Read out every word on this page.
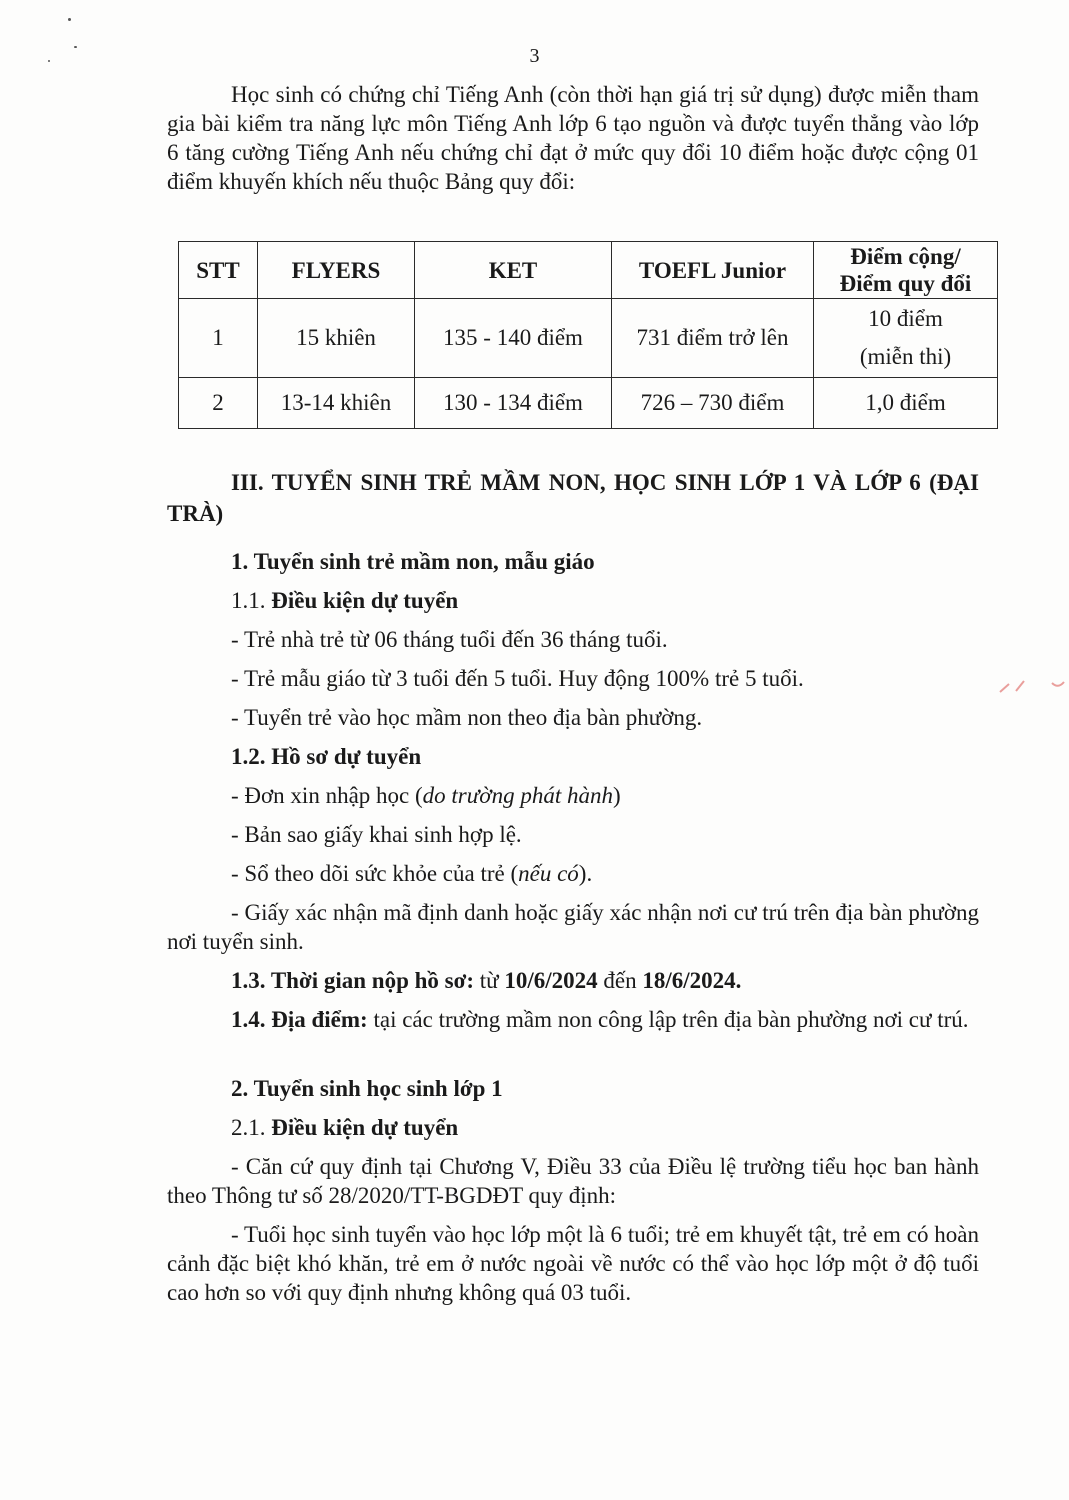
3

Học sinh có chứng chỉ Tiếng Anh (còn thời hạn giá trị sử dụng) được miễn tham gia bài kiểm tra năng lực môn Tiếng Anh lớp 6 tạo nguồn và được tuyển thẳng vào lớp 6 tăng cường Tiếng Anh nếu chứng chỉ đạt ở mức quy đổi 10 điểm hoặc được cộng 01 điểm khuyến khích nếu thuộc Bảng quy đổi:

STT	FLYERS	KET	TOEFL Junior	Điểm cộng/
Điểm quy đổi
1	15 khiên	135 - 140 điểm	731 điểm trở lên	10 điểm
(miễn thi)
2	13-14 khiên	130 - 134 điểm	726 – 730 điểm	1,0 điểm

III. TUYỂN SINH TRẺ MẦM NON, HỌC SINH LỚP 1 VÀ LỚP 6 (ĐẠI TRÀ)

1. Tuyển sinh trẻ mầm non, mẫu giáo

1.1. Điều kiện dự tuyển

- Trẻ nhà trẻ từ 06 tháng tuổi đến 36 tháng tuổi.

- Trẻ mẫu giáo từ 3 tuổi đến 5 tuổi. Huy động 100% trẻ 5 tuổi.

- Tuyển trẻ vào học mầm non theo địa bàn phường.

1.2. Hồ sơ dự tuyển

- Đơn xin nhập học (do trường phát hành)

- Bản sao giấy khai sinh hợp lệ.

- Sổ theo dõi sức khỏe của trẻ (nếu có).

- Giấy xác nhận mã định danh hoặc giấy xác nhận nơi cư trú trên địa bàn phường nơi tuyển sinh.

1.3. Thời gian nộp hồ sơ: từ 10/6/2024 đến 18/6/2024.

1.4. Địa điểm: tại các trường mầm non công lập trên địa bàn phường nơi cư trú.

2. Tuyển sinh học sinh lớp 1

2.1. Điều kiện dự tuyển

- Căn cứ quy định tại Chương V, Điều 33 của Điều lệ trường tiểu học ban hành theo Thông tư số 28/2020/TT-BGDĐT quy định:

- Tuổi học sinh tuyển vào học lớp một là 6 tuổi; trẻ em khuyết tật, trẻ em có hoàn cảnh đặc biệt khó khăn, trẻ em ở nước ngoài về nước có thể vào học lớp một ở độ tuổi cao hơn so với quy định nhưng không quá 03 tuổi.
